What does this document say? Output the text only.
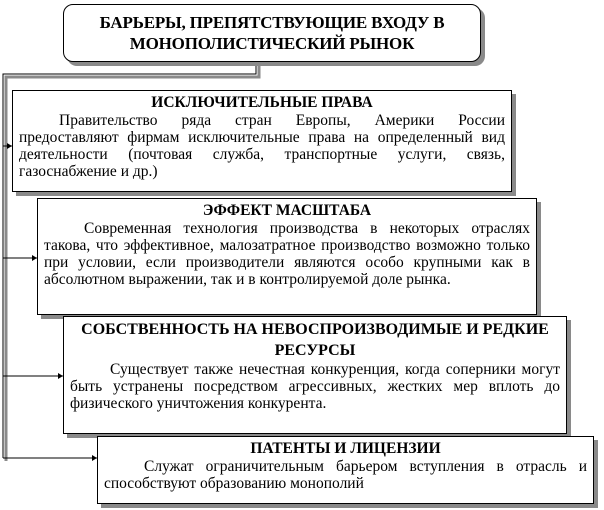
БАРЬЕРЫ, ПРЕПЯТСТВУЮЩИЕ ВХОДУ В
МОНОПОЛИСТИЧЕСКИЙ РЫНОК

ИСКЛЮЧИТЕЛЬНЫЕ ПРАВА

Правительство ряда стран Европы, Америки России предоставляют фирмам исключительные права на определенный вид деятельности (почтовая служба, транспортные услуги, связь, газоснабжение и др.)

ЭФФЕКТ МАСШТАБА

Современная технология производства в некоторых отраслях такова, что эффективное, малозатратное производство возможно только при условии, если производители являются особо крупными как в абсолютном выражении, так и в контролируемой доле рынка.

СОБСТВЕННОСТЬ НА НЕВОСПРОИЗВОДИМЫЕ И РЕДКИЕ РЕСУРСЫ

Существует также нечестная конкуренция, когда соперники могут быть устранены посредством агрессивных, жестких мер вплоть до физического уничтожения конкурента.

ПАТЕНТЫ И ЛИЦЕНЗИИ

Служат ограничительным барьером вступления в отрасль и способствуют образованию монополий
